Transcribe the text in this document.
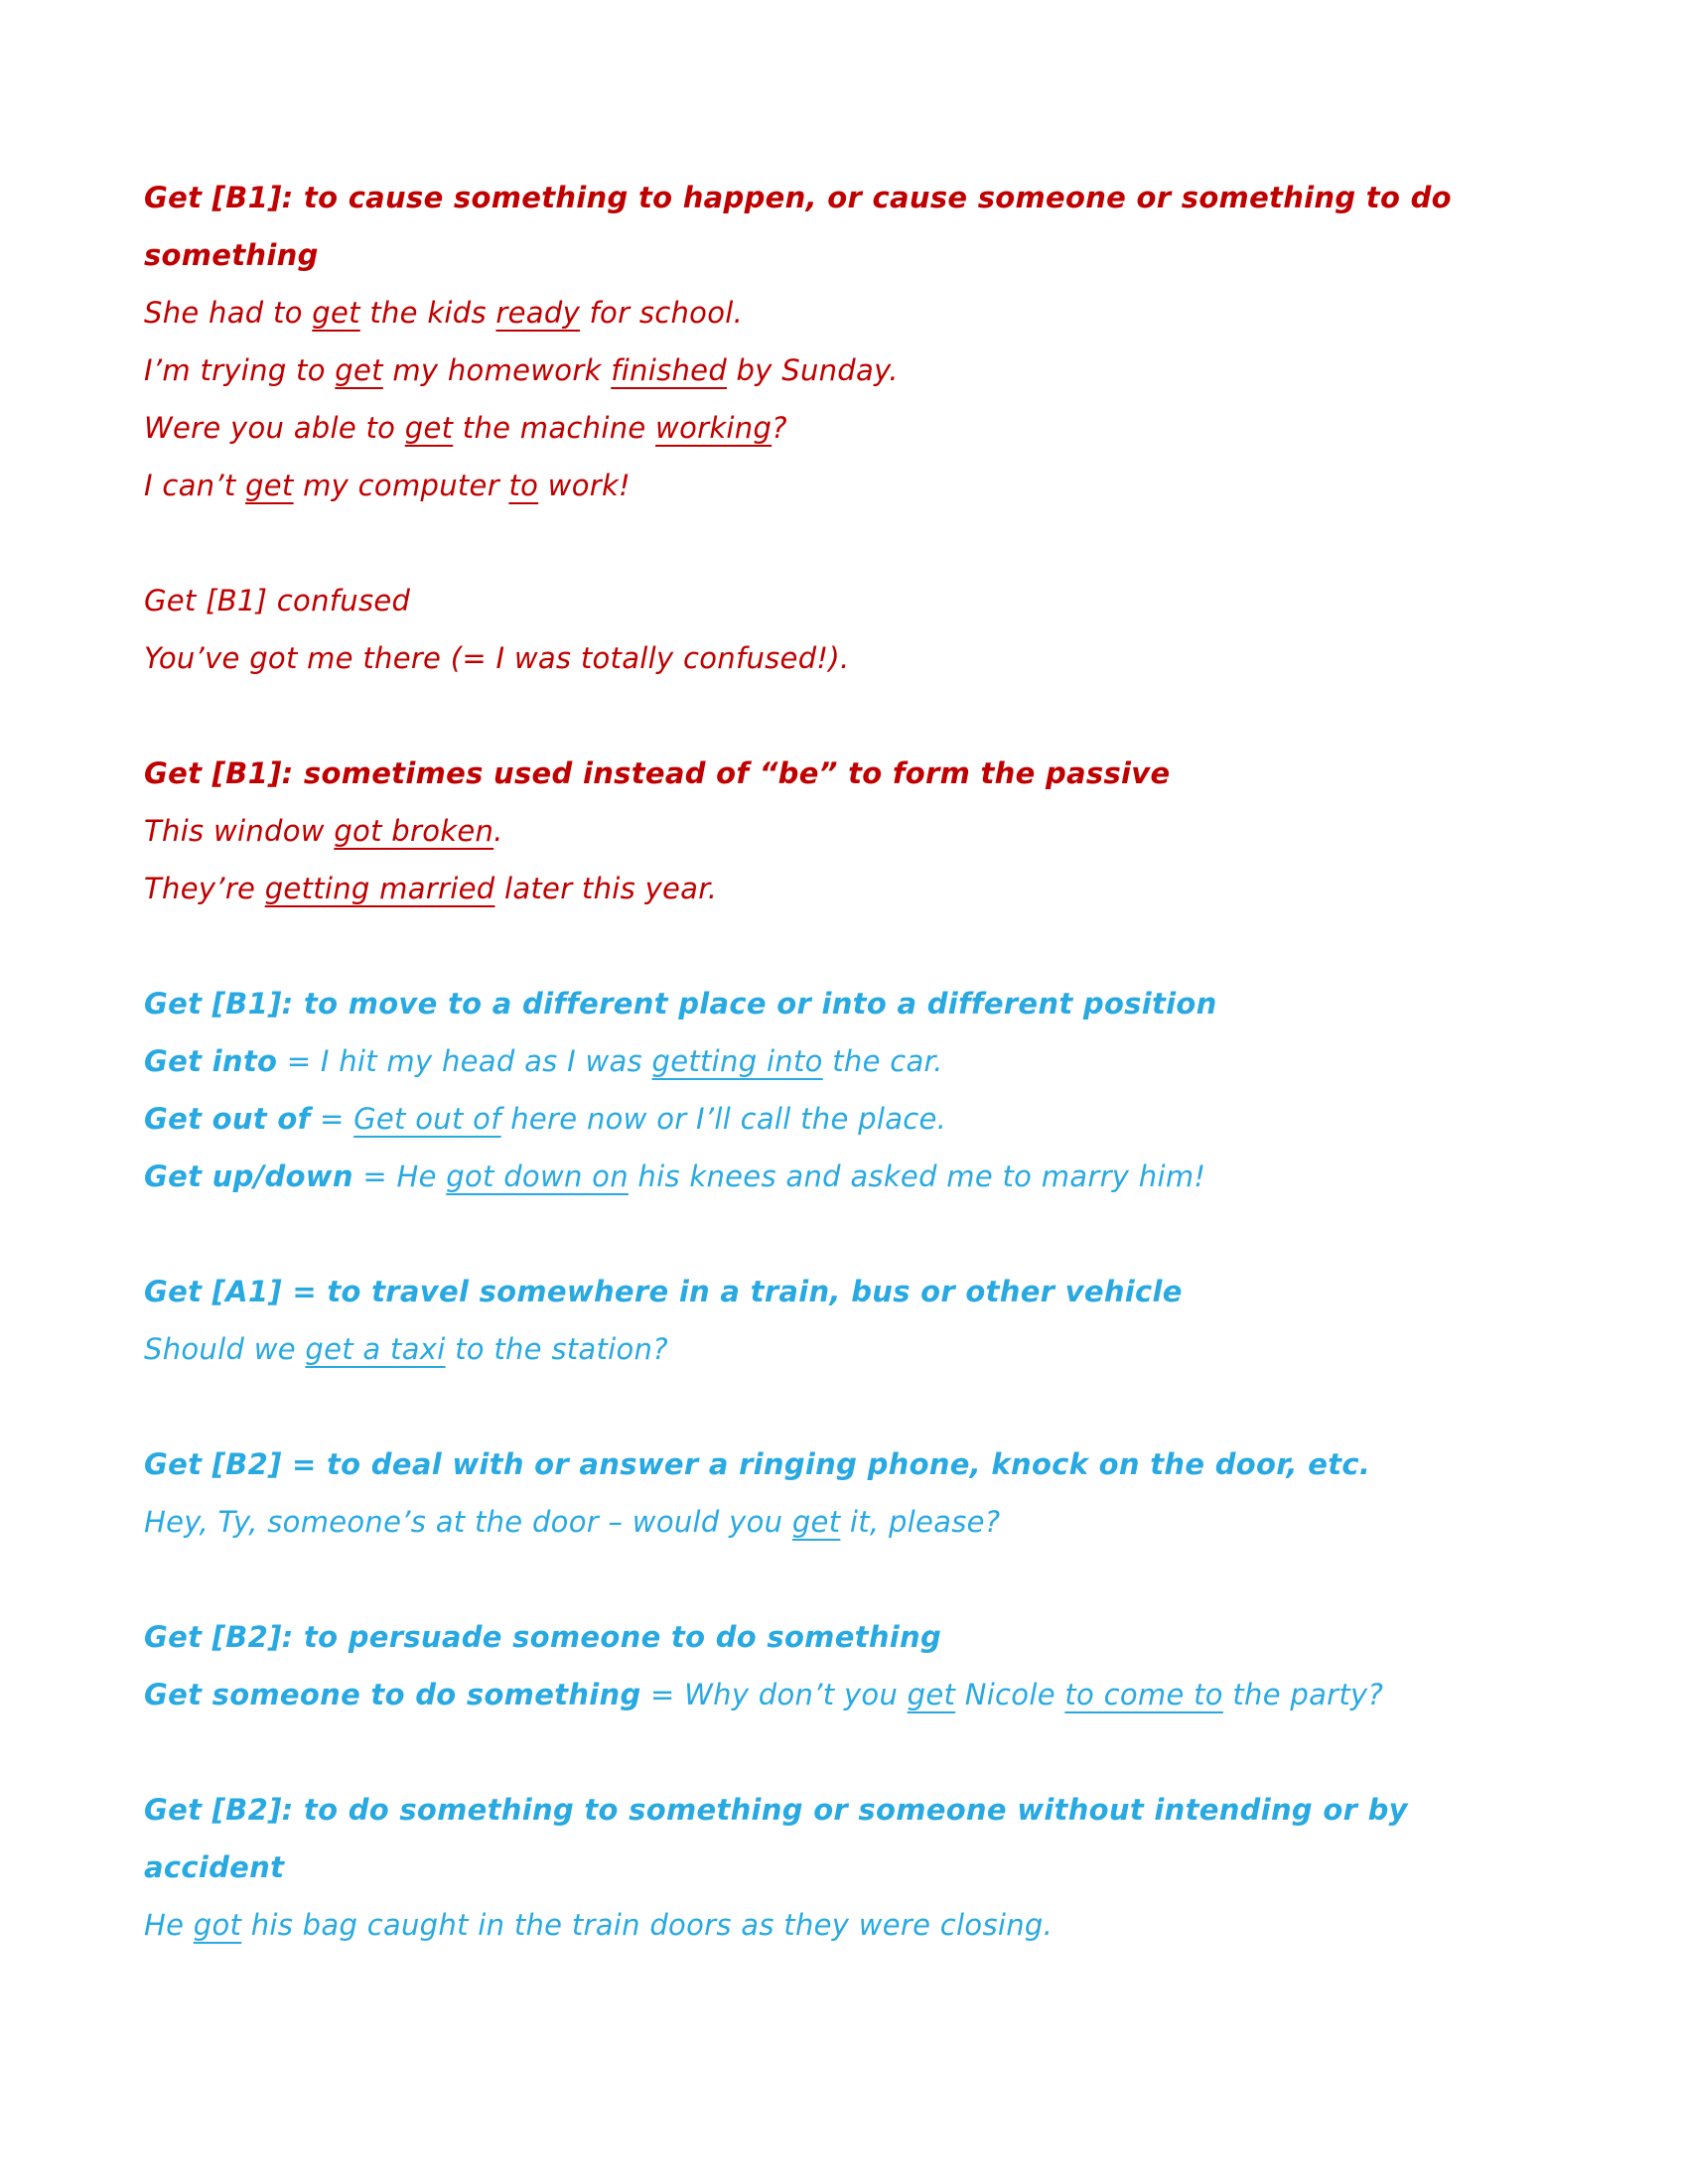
Get [B1]: to cause something to happen, or cause someone or something to do
something
She had to get the kids ready for school.
I’m trying to get my homework finished by Sunday.
Were you able to get the machine working?
I can’t get my computer to work!
Get [B1] confused
You’ve got me there (= I was totally confused!).
Get [B1]: sometimes used instead of “be” to form the passive
This window got broken.
They’re getting married later this year.
Get [B1]: to move to a different place or into a different position
Get into = I hit my head as I was getting into the car.
Get out of = Get out of here now or I’ll call the place.
Get up/down = He got down on his knees and asked me to marry him!
Get [A1] = to travel somewhere in a train, bus or other vehicle
Should we get a taxi to the station?
Get [B2] = to deal with or answer a ringing phone, knock on the door, etc.
Hey, Ty, someone’s at the door – would you get it, please?
Get [B2]: to persuade someone to do something
Get someone to do something = Why don’t you get Nicole to come to the party?
Get [B2]: to do something to something or someone without intending or by
accident
He got his bag caught in the train doors as they were closing.
